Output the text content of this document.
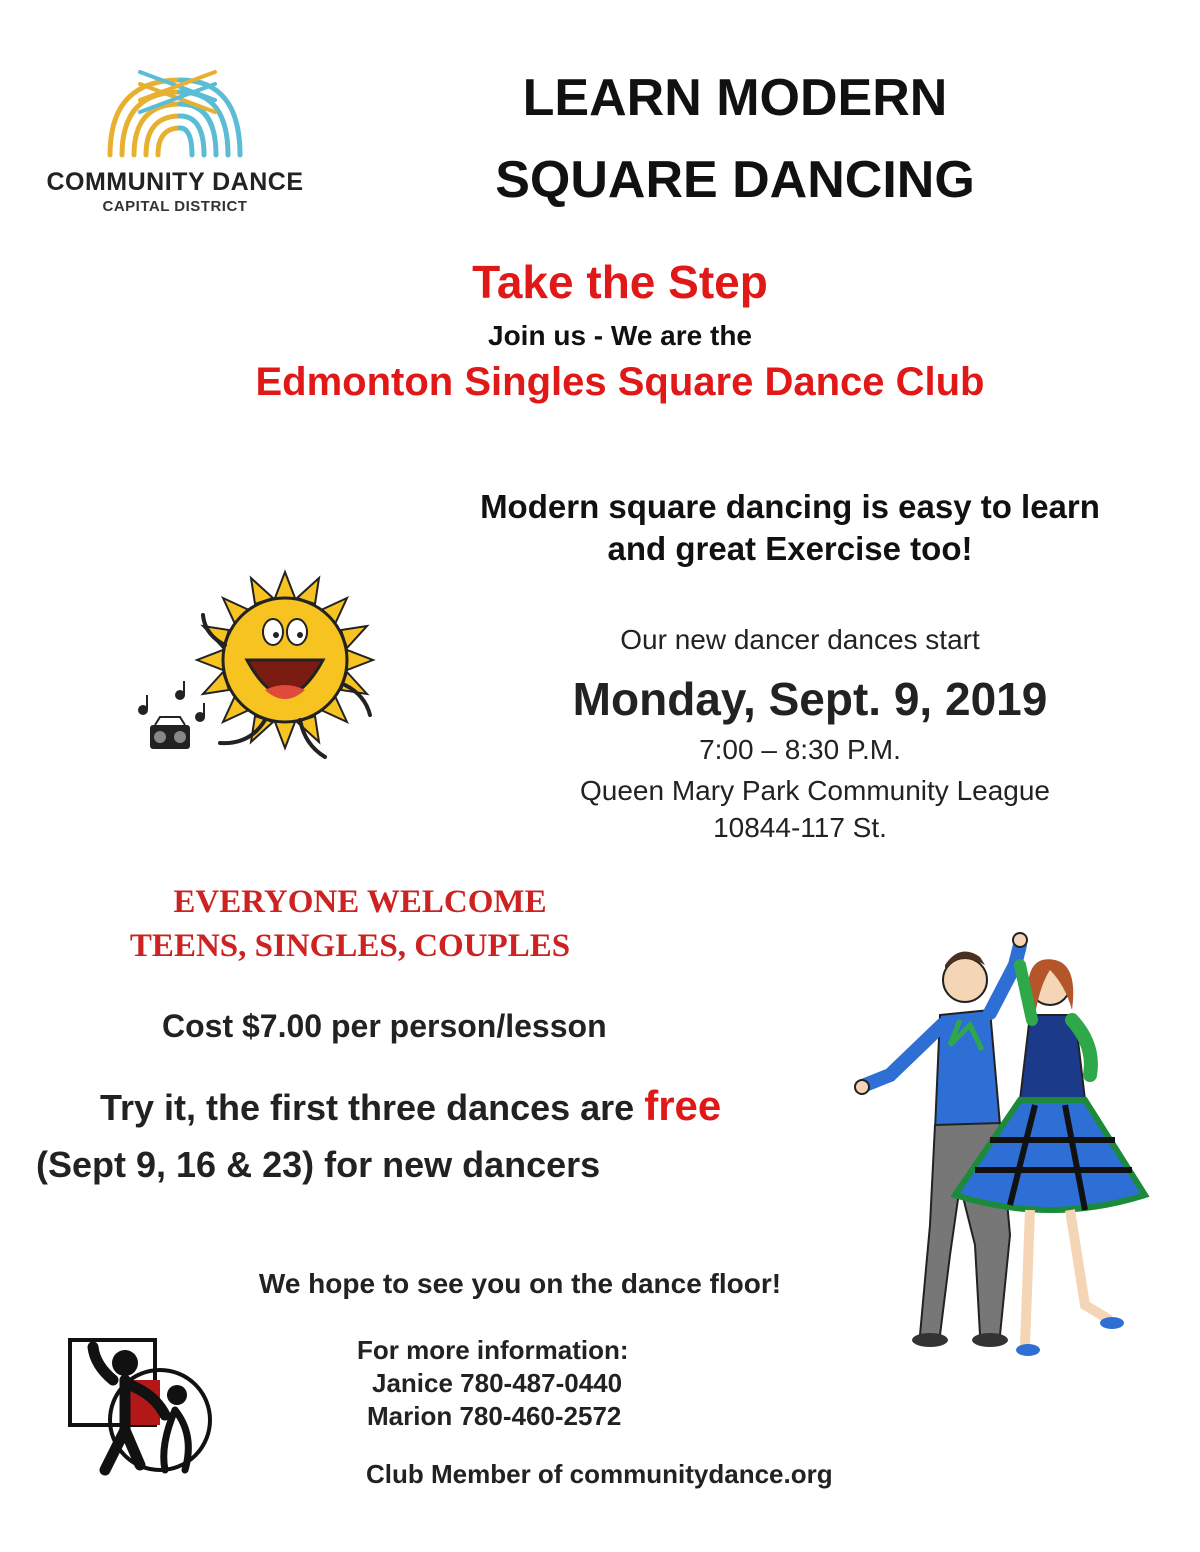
COMMUNITY DANCE
CAPITAL DISTRICT
LEARN MODERN
SQUARE DANCING
Take the Step
Join us - We are the
Edmonton Singles Square Dance Club
Modern square dancing is easy to learn
and great Exercise too!
Our new dancer dances start
Monday, Sept. 9, 2019
7:00 – 8:30 P.M.
Queen Mary Park Community League
10844-117 St.
EVERYONE WELCOME
TEENS, SINGLES, COUPLES
Cost $7.00 per person/lesson
Try it, the first three dances are free
(Sept 9, 16 & 23) for new dancers
We hope to see you on the dance floor!
For more information:
Janice 780-487-0440
Marion 780-460-2572
Club Member of communitydance.org
